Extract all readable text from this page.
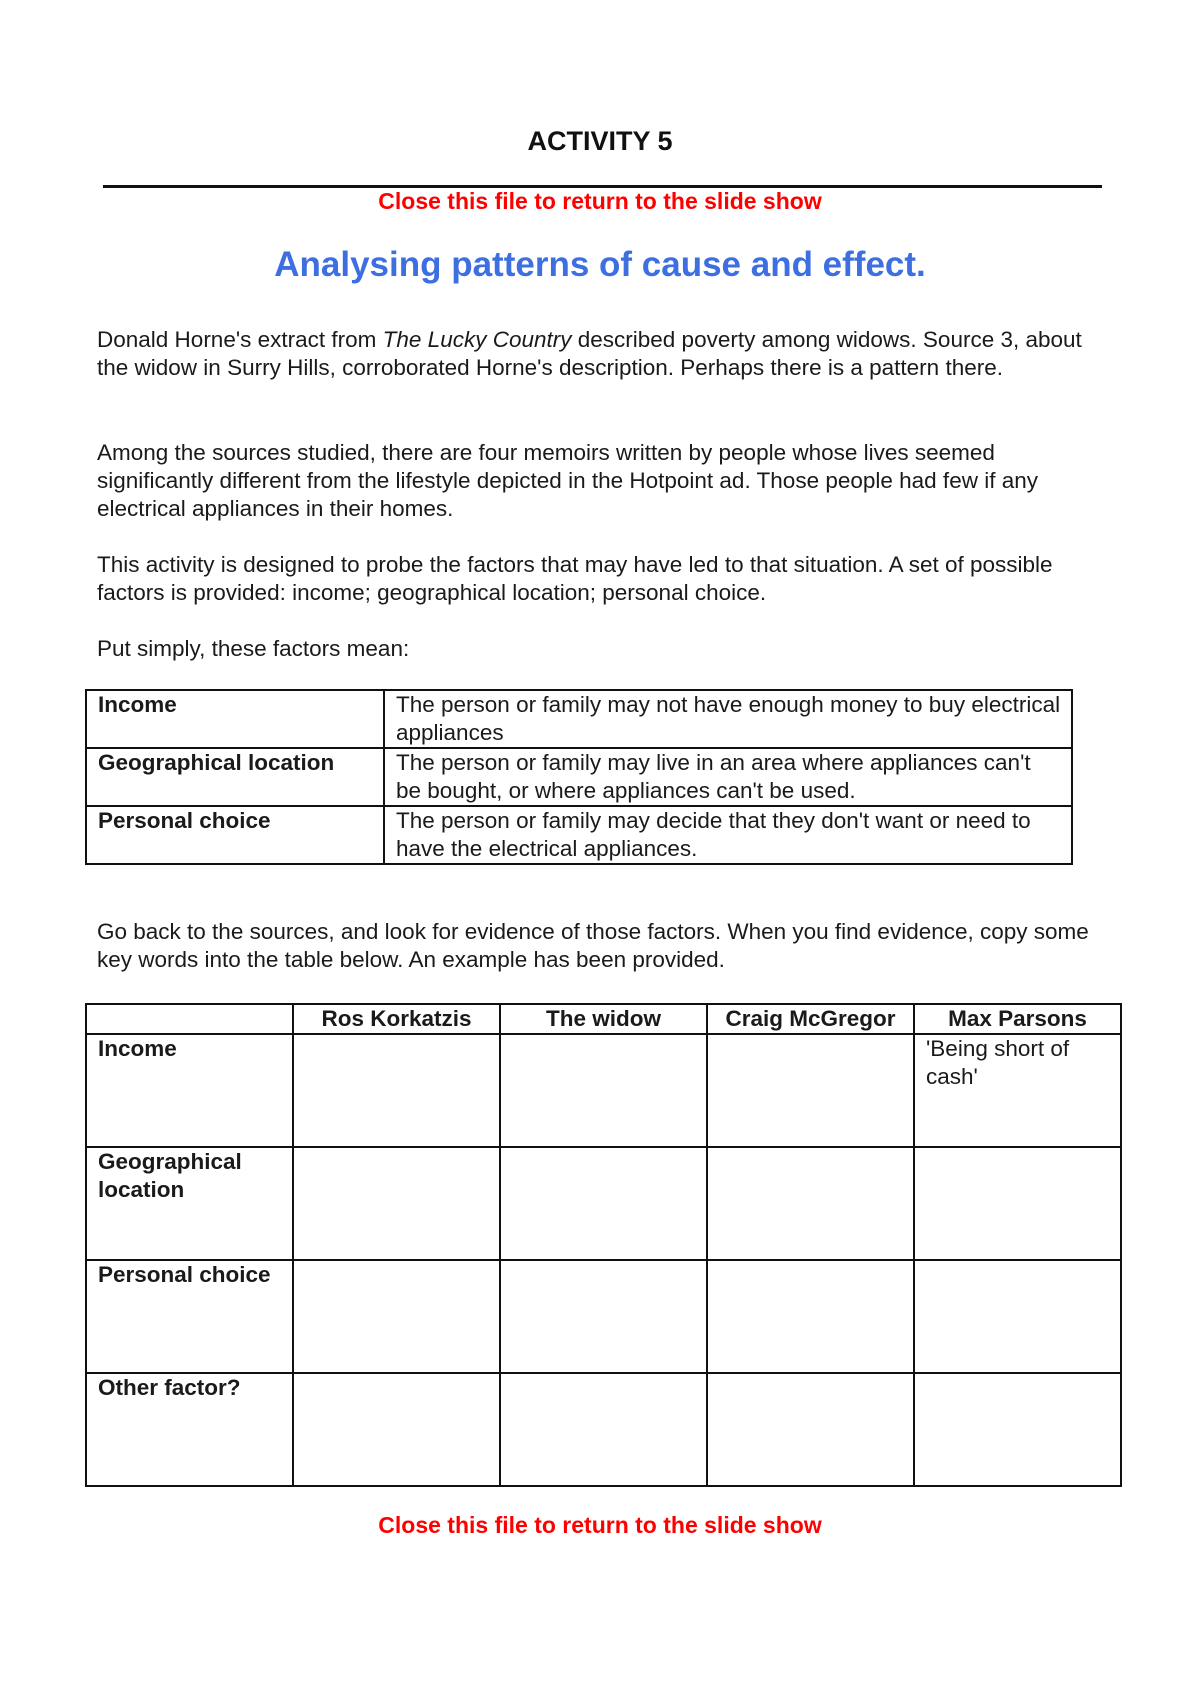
ACTIVITY 5
Close this file to return to the slide show
Analysing patterns of cause and effect.
Donald Horne's extract from The Lucky Country described poverty among widows. Source 3, about the widow in Surry Hills, corroborated Horne's description. Perhaps there is a pattern there.
Among the sources studied, there are four memoirs written by people whose lives seemed significantly different from the lifestyle depicted in the Hotpoint ad. Those people had few if any electrical appliances in their homes.
This activity is designed to probe the factors that may have led to that situation. A set of possible factors is provided: income; geographical location; personal choice.
Put simply, these factors mean:
Income	The person or family may not have enough money to buy electrical appliances
Geographical location	The person or family may live in an area where appliances can't be bought, or where appliances can't be used.
Personal choice	The person or family may decide that they don't want or need to have the electrical appliances.
Go back to the sources, and look for evidence of those factors. When you find evidence, copy some key words into the table below. An example has been provided.
	Ros Korkatzis	The widow	Craig McGregor	Max Parsons
Income				'Being short of cash'
Geographical location				
Personal choice				
Other factor?				
Close this file to return to the slide show
